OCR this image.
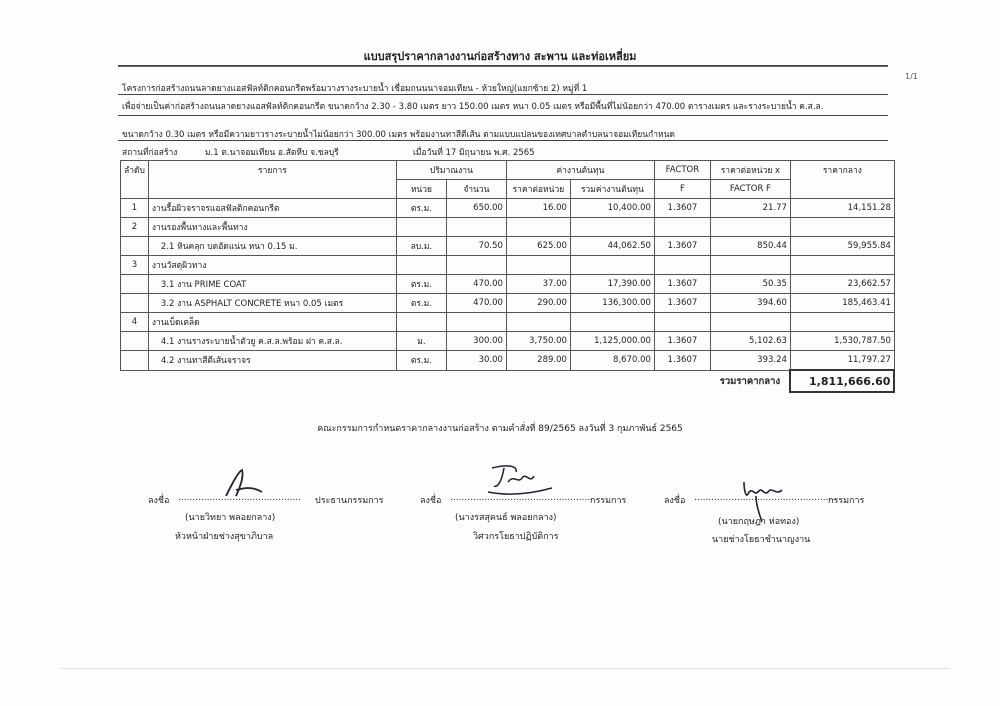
แบบสรุปราคากลางงานก่อสร้างทาง สะพาน และท่อเหลี่ยม
1/1
โครงการก่อสร้างถนนลาดยางแอสฟัลท์ติกคอนกรีตพร้อมวางรางระบายน้ำ เชื่อมถนนนาจอมเทียน - ห้วยใหญ่(แยกซ้าย 2) หมู่ที่ 1
เพื่อจ่ายเป็นค่าก่อสร้างถนนลาดยางแอสฟัลท์ติกคอนกรีต ขนาดกว้าง 2.30 - 3.80 เมตร ยาว 150.00 เมตร หนา 0.05 เมตร หรือมีพื้นที่ไม่น้อยกว่า 470.00 ตารางเมตร และรางระบายน้ำ ค.ส.ล.
ขนาดกว้าง 0.30 เมตร หรือมีความยาวรางระบายน้ำไม่น้อยกว่า 300.00 เมตร พร้อมงานทาสีตีเส้น ตามแบบแปลนของเทศบาลตำบลนาจอมเทียนกำหนด
สถานที่ก่อสร้าง	ม.1 ต.นาจอมเทียน อ.สัตหีบ จ.ชลบุรี	เมื่อวันที่ 17 มิถุนายน พ.ศ. 2565
ลำดับ	รายการ	ปริมาณงาน		ค่างานต้นทุน		FACTOR	ราคาต่อหน่วย x	ราคากลาง
		หน่วย	จำนวน	ราคาต่อหน่วย	รวมค่างานต้นทุน	F	FACTOR F	
1	งานรื้อผิวจราจรแอสฟัลติกคอนกรีต	ตร.ม.	650.00	16.00	10,400.00	1.3607	21.77	14,151.28
2	งานรองพื้นทางและพื้นทาง							
	2.1 หินคลุก บดอัดแน่น หนา 0.15 ม.	ลบ.ม.	70.50	625.00	44,062.50	1.3607	850.44	59,955.84
3	งานวัสดุผิวทาง							
	3.1 งาน PRIME COAT	ตร.ม.	470.00	37.00	17,390.00	1.3607	50.35	23,662.57
	3.2 งาน ASPHALT CONCRETE หนา 0.05 เมตร	ตร.ม.	470.00	290.00	136,300.00	1.3607	394.60	185,463.41
4	งานเบ็ดเตล็ด							
	4.1 งานรางระบายน้ำตัวยู ค.ส.ล.พร้อม ฝา ค.ส.ล.	ม.	300.00	3,750.00	1,125,000.00	1.3607	5,102.63	1,530,787.50
	4.2 งานทาสีตีเส้นจราจร	ตร.ม.	30.00	289.00	8,670.00	1.3607	393.24	11,797.27
							รวมราคากลาง	1,811,666.60
คณะกรรมการกำหนดราคากลางงานก่อสร้าง ตามคำสั่งที่ 89/2565 ลงวันที่ 3 กุมภาพันธ์ 2565
ลงชื่อ ........................................... ประธานกรรมการ
(นายวิทยา พลอยกลาง)
หัวหน้าฝ่ายช่างสุขาภิบาล
ลงชื่อ ..................................................
กรรมการ
(นางรสสุคนธ์ พลอยกลาง)
วิศวกรโยธาปฏิบัติการ
ลงชื่อ ..................................................
กรรมการ
(นายกฤษฎา ห่อทอง)
นายช่างโยธาชำนาญงาน
